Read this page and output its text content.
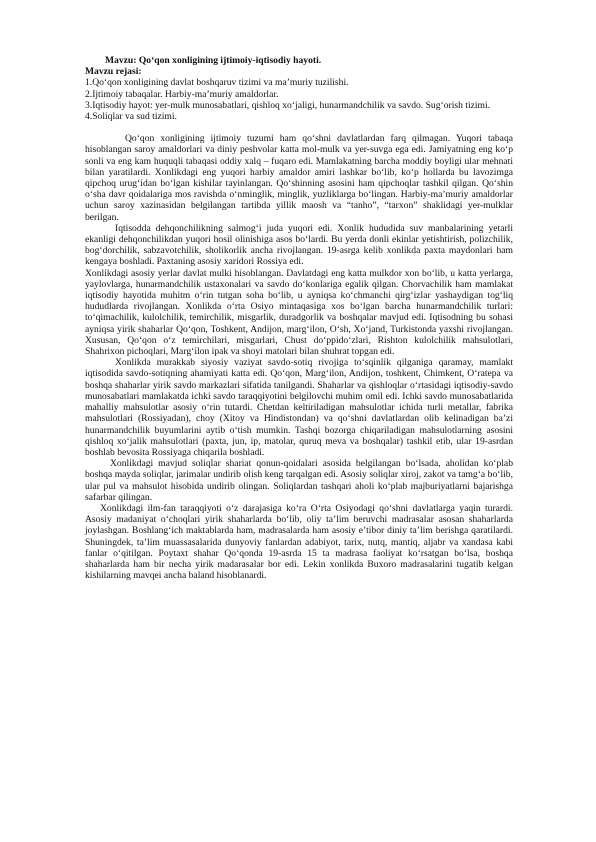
Mavzu: Qo‘qon xonligining ijtimoiy-iqtisodiy hayoti.

Mavzu rejasi:

1.Qo‘qon xonligining davlat boshqaruv tizimi va ma’muriy tuzilishi.

2.Ijtimoiy tabaqalar. Harbiy-ma’muriy amaldorlar.

3.Iqtisodiy hayot: yer-mulk munosabatlari, qishloq xo‘jaligi, hunarmandchilik va savdo. Sug‘orish tizimi.

4.Soliqlar va sud tizimi.

Qo‘qon xonligining ijtimoiy tuzumi ham qo‘shni davlatlardan farq qilmagan. Yuqori tabaqa hisoblangan saroy amaldorlari va diniy peshvolar katta mol-mulk va yer-suvga ega edi. Jamiyatning eng ko‘p sonli va eng kam huquqli tabaqasi oddiy xalq – fuqaro edi. Mamlakatning barcha moddiy boyligi ular mehnati bilan yaratilardi. Xonlikdagi eng yuqori harbiy amaldor amiri lashkar bo‘lib, ko‘p hollarda bu lavozimga qipchoq urug‘idan bo‘lgan kishilar tayinlangan. Qo‘shinning asosini ham qipchoqlar tashkil qilgan. Qo‘shin o‘sha davr qoidalariga mos ravishda o‘nminglik, minglik, yuzliklarga bo‘lingan. Harbiy-ma’muriy amaldorlar uchun saroy xazinasidan belgilangan tartibda yillik maosh va “tanho”, “tarxon” shaklidagi yer-mulklar berilgan.

Iqtisodda dehqonchilikning salmog‘i juda yuqori edi. Xonlik hududida suv manbalarining yetarli ekanligi dehqonchilikdan yuqori hosil olinishiga asos bo‘lardi. Bu yerda donli ekinlar yetishtirish, polizchilik, bog‘dorchilik, sabzavotchilik, sholikorlik ancha rivojlangan. 19-asrga kelib xonlikda paxta maydonlari ham kengaya boshladi. Paxtaning asosiy xaridori Rossiya edi.

Xonlikdagi asosiy yerlar davlat mulki hisoblangan. Davlatdagi eng katta mulkdor xon bo‘lib, u katta yerlarga, yaylovlarga, hunarmandchilik ustaxonalari va savdo do‘konlariga egalik qilgan. Chorvachilik ham mamlakat iqtisodiy hayotida muhitm o‘rin tutgan soha bo‘lib, u ayniqsa ko‘chmanchi qirg‘izlar yashaydigan tog‘liq hududlarda rivojlangan. Xonlikda o‘rta Osiyo mintaqasiga xos bo‘lgan barcha hunarmandchilik turlari: to‘qimachilik, kulolchilik, temirchilik, misgarlik, duradgorlik va boshqalar mavjud edi. Iqtisodning bu sohasi ayniqsa yirik shaharlar Qo‘qon, Toshkent, Andijon, marg‘ilon, O‘sh, Xo‘jand, Turkistonda yaxshi rivojlangan. Xususan, Qo‘qon o‘z temirchilari, misgarlari, Chust do‘ppido‘zlari, Rishton kulolchilik mahsulotlari, Shahrixon pichoqlari, Marg‘ilon ipak va shoyi matolari bilan shuhrat topgan edi.

Xonlikda murakkab siyosiy vaziyat savdo-sotiq rivojiga to‘sqinlik qilganiga qaramay, mamlakt iqtisodida savdo-sotiqning ahamiyati katta edi. Qo‘qon, Marg‘ilon, Andijon, toshkent, Chimkent, O‘ratepa va boshqa shaharlar yirik savdo markazlari sifatida tanilgandi. Shaharlar va qishloqlar o‘rtasidagi iqtisodiy-savdo munosabatlari mamlakatda ichki savdo taraqqiyotini belgilovchi muhim omil edi. Ichki savdo munosabatlarida mahalliy mahsulotlar asosiy o‘rin tutardi. Chetdan keltiriladigan mahsulotlar ichida turli metallar, fabrika mahsulotlari (Rossiyadan), choy (Xitoy va Hindistondan) va qo‘shni davlatlardan olib kelinadigan ba’zi hunarmandchilik buyumlarini aytib o‘tish mumkin. Tashqi bozorga chiqariladigan mahsulotlarning asosini qishloq xo‘jalik mahsulotlari (paxta, jun, ip, matolar, quruq meva va boshqalar) tashkil etib, ular 19-asrdan boshlab bevosita Rossiyaga chiqarila boshladi.

Xonlikdagi mavjud soliqlar shariat qonun-qoidalari asosida belgilangan bo‘lsada, aholidan ko‘plab boshqa mayda soliqlar, jarimalar undirib olish keng tarqalgan edi. Asosiy soliqlar xiroj, zakot va tamg‘a bo‘lib, ular pul va mahsulot hisobida undirib olingan. Soliqlardan tashqari aholi ko‘plab majburiyatlarni bajarishga safarbar qilingan.

Xonlikdagi ilm-fan taraqqiyoti o‘z darajasiga ko‘ra O‘rta Osiyodagi qo‘shni davlatlarga yaqin turardi. Asosiy madaniyat o‘choqlari yirik shaharlarda bo‘lib, oliy ta’lim beruvchi madrasalar asosan shaharlarda joylashgan. Boshlang‘ich maktablarda ham, madrasalarda ham asosiy e’tibor diniy ta’lim berishga qaratilardi. Shuningdek, ta’lim muassasalarida dunyoviy fanlardan adabiyot, tarix, nutq, mantiq, aljabr va xandasa kabi fanlar o‘qitilgan. Poytaxt shahar Qo‘qonda 19-asrda 15 ta madrasa faoliyat ko‘rsatgan bo‘lsa, boshqa shaharlarda ham bir necha yirik madarasalar bor edi. Lekin xonlikda Buxoro madrasalarini tugatib kelgan kishilarning mavqei ancha baland hisoblanardi.
